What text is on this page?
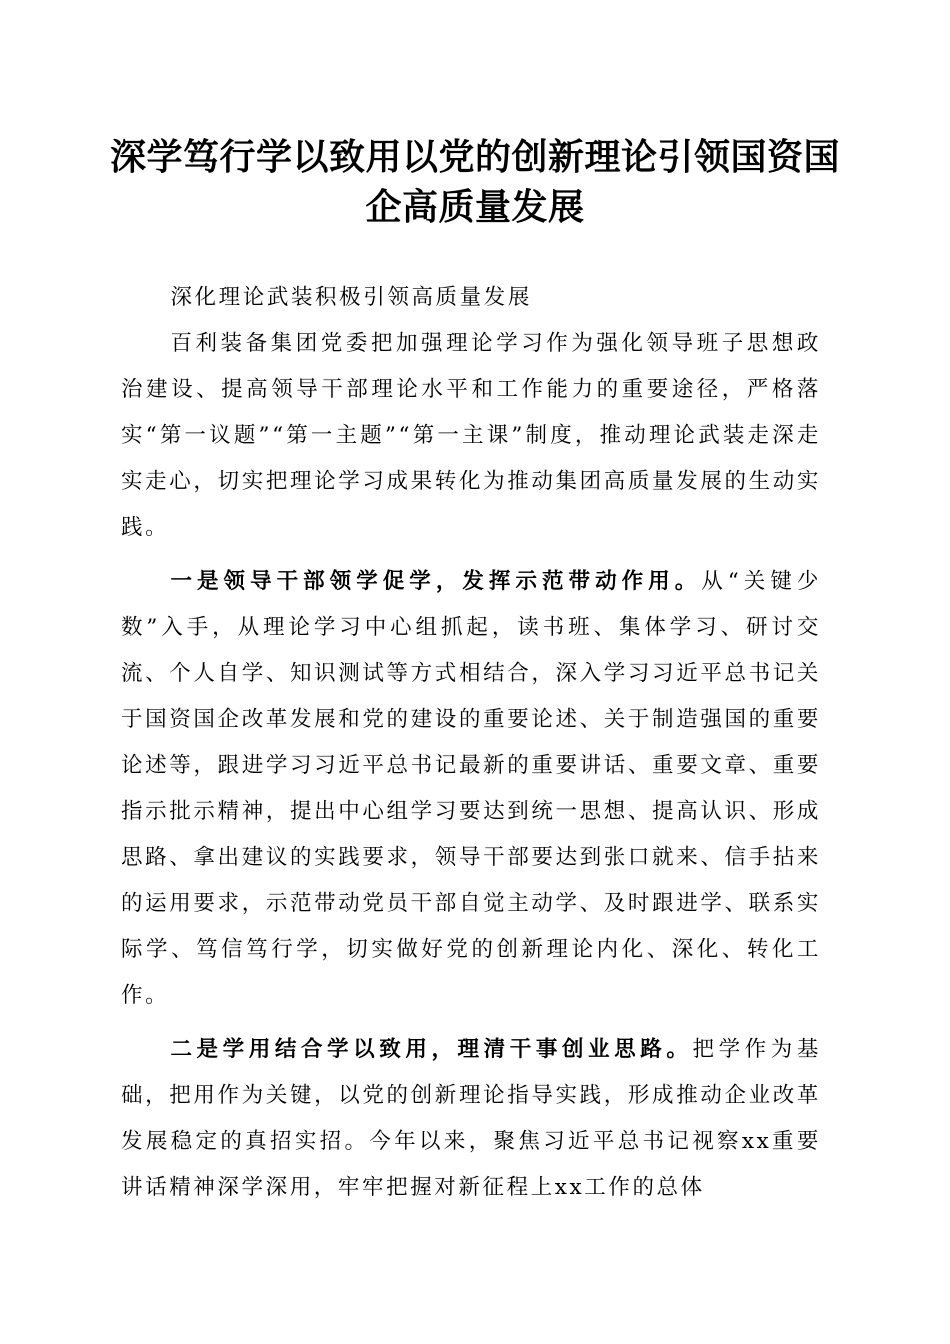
深学笃行学以致用以党的创新理论引领国资国
企高质量发展

深化理论武装积极引领高质量发展

百利装备集团党委把加强理论学习作为强化领导班子思想政治建设、提高领导干部理论水平和工作能力的重要途径，严格落实“第一议题”“第一主题”“第一主课”制度，推动理论武装走深走实走心，切实把理论学习成果转化为推动集团高质量发展的生动实践。

一是领导干部领学促学，发挥示范带动作用。从“关键少数”入手，从理论学习中心组抓起，读书班、集体学习、研讨交流、个人自学、知识测试等方式相结合，深入学习习近平总书记关于国资国企改革发展和党的建设的重要论述、关于制造强国的重要论述等，跟进学习习近平总书记最新的重要讲话、重要文章、重要指示批示精神，提出中心组学习要达到统一思想、提高认识、形成思路、拿出建议的实践要求，领导干部要达到张口就来、信手拈来的运用要求，示范带动党员干部自觉主动学、及时跟进学、联系实际学、笃信笃行学，切实做好党的创新理论内化、深化、转化工作。

二是学用结合学以致用，理清干事创业思路。把学作为基础，把用作为关键，以党的创新理论指导实践，形成推动企业改革发展稳定的真招实招。今年以来，聚焦习近平总书记视察xx重要讲话精神深学深用，牢牢把握对新征程上xx工作的总体
